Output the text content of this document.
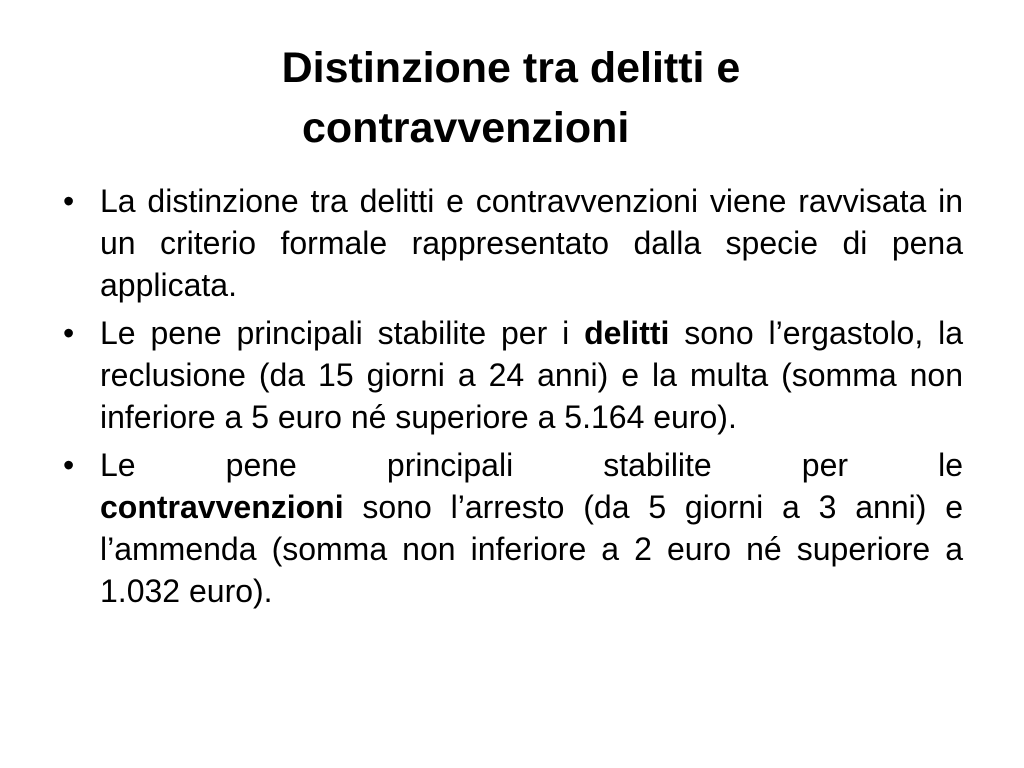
Distinzione tra delitti e
contravvenzioni
• La distinzione tra delitti e contravvenzioni viene ravvisata in un criterio formale rappresentato dalla specie di pena applicata.
• Le pene principali stabilite per i delitti sono l’ergastolo, la reclusione (da 15 giorni a 24 anni) e la multa (somma non inferiore a 5 euro né superiore a 5.164 euro).
• Le pene principali stabilite per le
contravvenzioni sono l’arresto (da 5 giorni a 3 anni) e l’ammenda (somma non inferiore a 2 euro né superiore a 1.032 euro).
